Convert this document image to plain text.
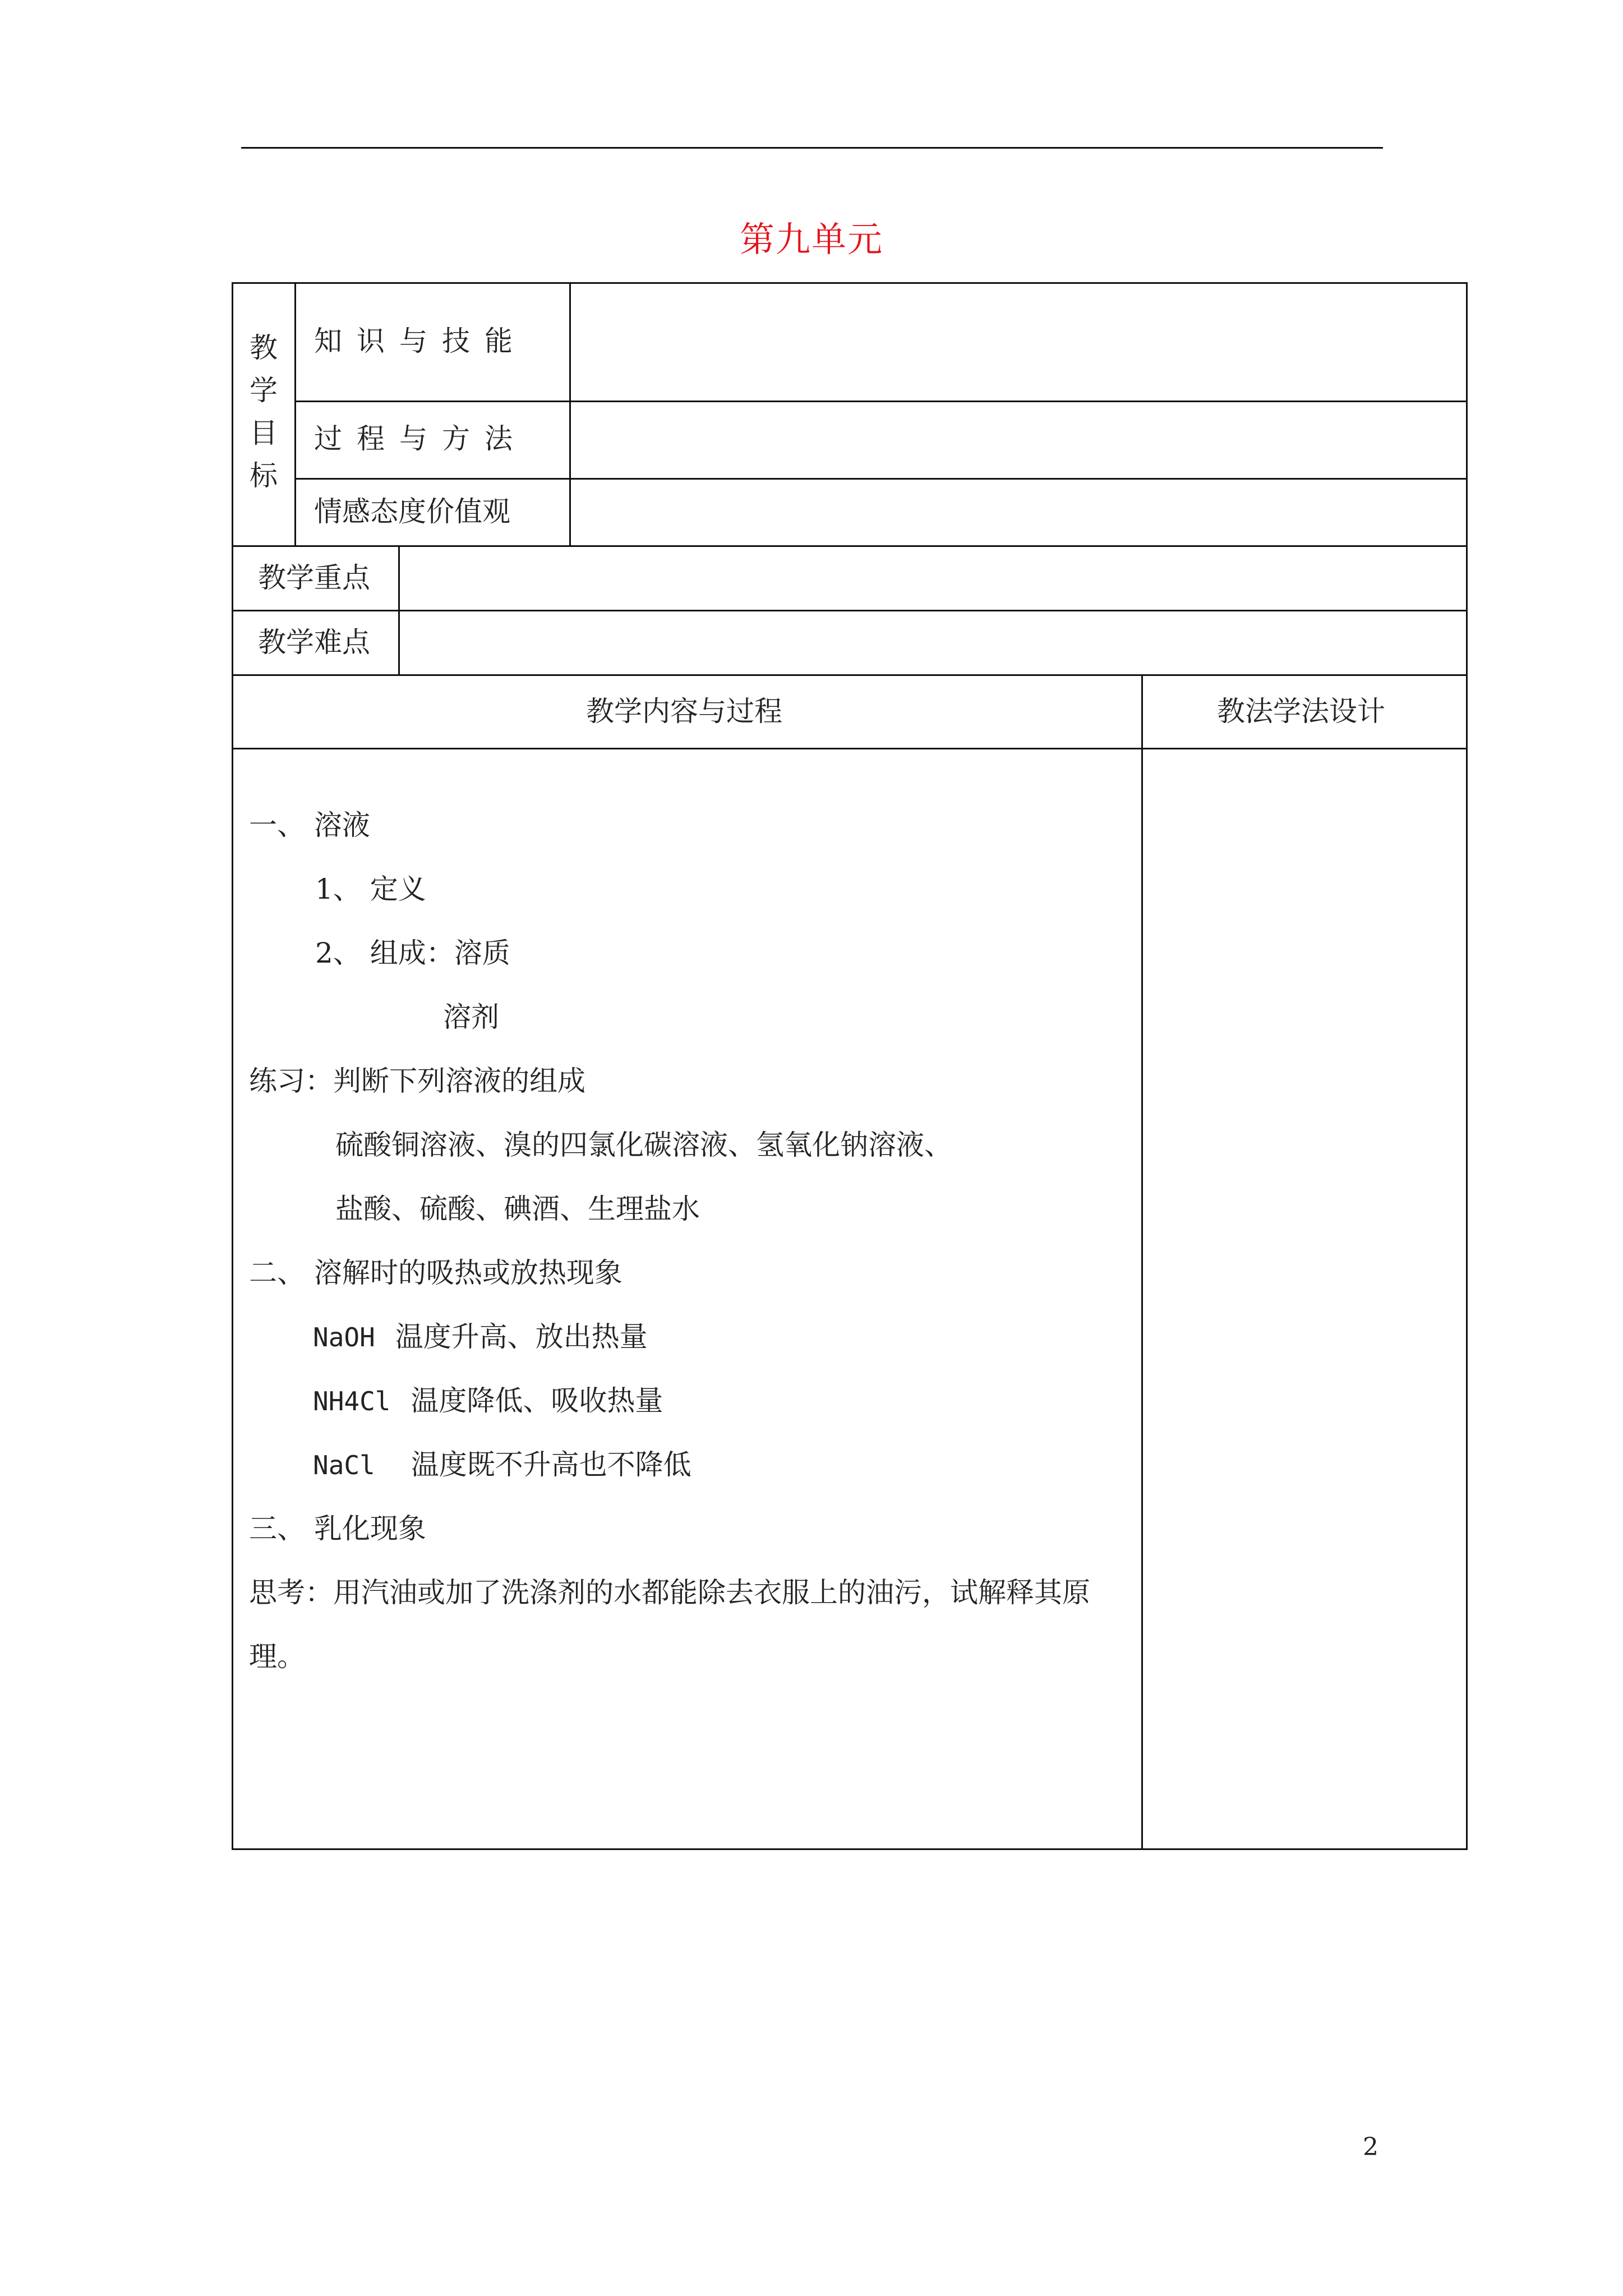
第九单元
教
学
目
标
知识与技能
过程与方法
情感态度价值观
教学重点
教学难点
教学内容与过程	教法学法设计
一、 溶液
1、 定义
2、 组成：溶质
溶剂
练习：判断下列溶液的组成
硫酸铜溶液、溴的四氯化碳溶液、氢氧化钠溶液、
盐酸、硫酸、碘酒、生理盐水
二、 溶解时的吸热或放热现象
NaOH 温度升高、放出热量
NH4Cl 温度降低、吸收热量
NaCl 温度既不升高也不降低
三、 乳化现象
思考：用汽油或加了洗涤剂的水都能除去衣服上的油污，试解释其原
理。
2
